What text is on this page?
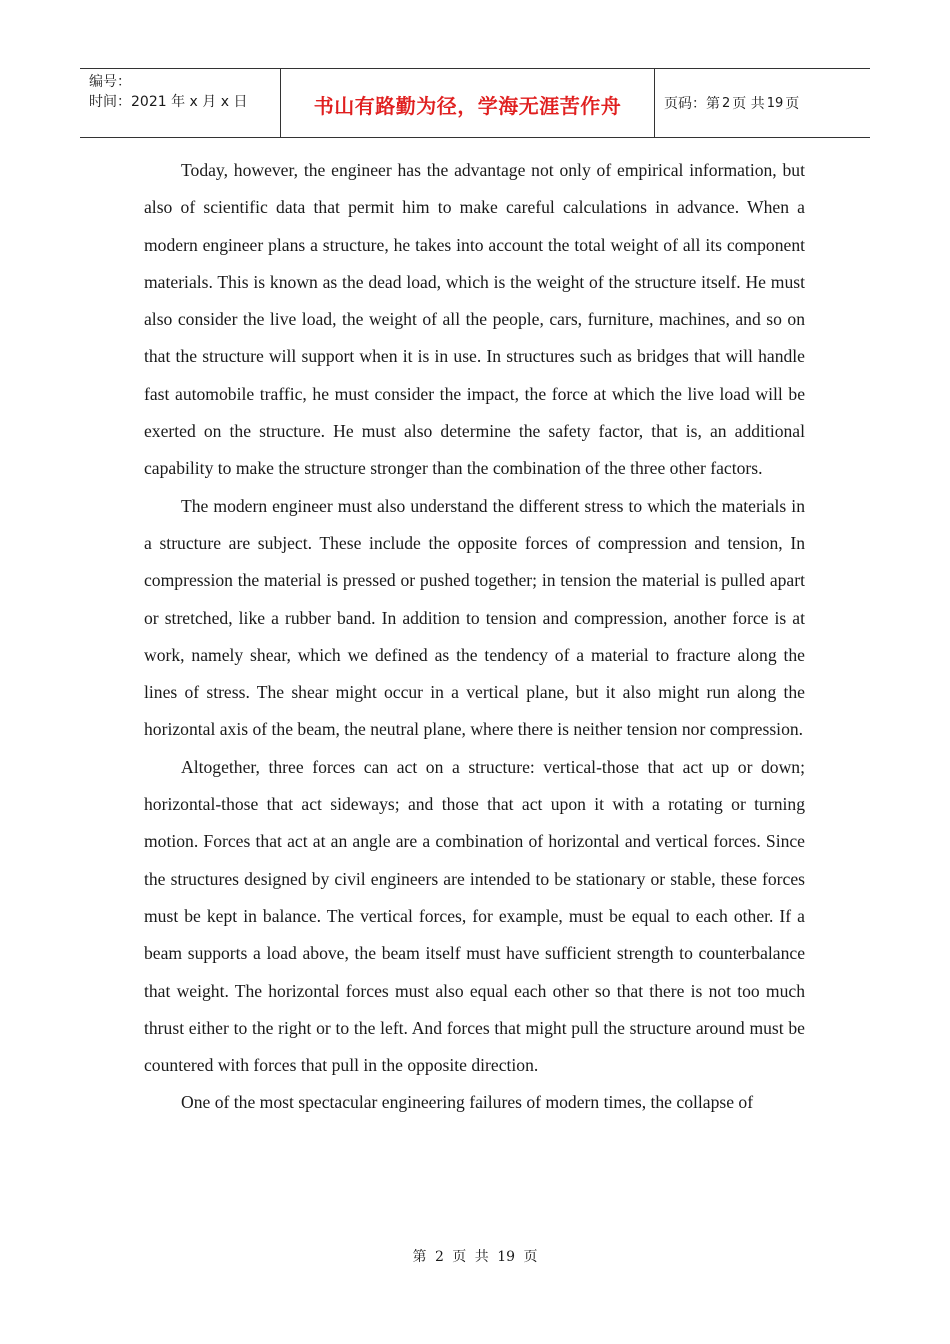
编号：
时间：2021 年 x 月 x 日	书山有路勤为径，学海无涯苦作舟	页码：第 2 页 共 19 页

Today, however, the engineer has the advantage not only of empirical information, but also of scientific data that permit him to make careful calculations in advance. When a modern engineer plans a structure, he takes into account the total weight of all its component materials. This is known as the dead load, which is the weight of the structure itself. He must also consider the live load, the weight of all the people, cars, furniture, machines, and so on that the structure will support when it is in use. In structures such as bridges that will handle fast automobile traffic, he must consider the impact, the force at which the live load will be exerted on the structure. He must also determine the safety factor, that is, an additional capability to make the structure stronger than the combination of the three other factors.

The modern engineer must also understand the different stress to which the materials in a structure are subject. These include the opposite forces of compression and tension, In compression the material is pressed or pushed together; in tension the material is pulled apart or stretched, like a rubber band. In addition to tension and compression, another force is at work, namely shear, which we defined as the tendency of a material to fracture along the lines of stress. The shear might occur in a vertical plane, but it also might run along the horizontal axis of the beam, the neutral plane, where there is neither tension nor compression.

Altogether, three forces can act on a structure: vertical-those that act up or down; horizontal-those that act sideways; and those that act upon it with a rotating or turning motion. Forces that act at an angle are a combination of horizontal and vertical forces. Since the structures designed by civil engineers are intended to be stationary or stable, these forces must be kept in balance. The vertical forces, for example, must be equal to each other. If a beam supports a load above, the beam itself must have sufficient strength to counterbalance that weight. The horizontal forces must also equal each other so that there is not too much thrust either to the right or to the left. And forces that might pull the structure around must be countered with forces that pull in the opposite direction.

One of the most spectacular engineering failures of modern times, the collapse of

第 2 页 共 19 页
